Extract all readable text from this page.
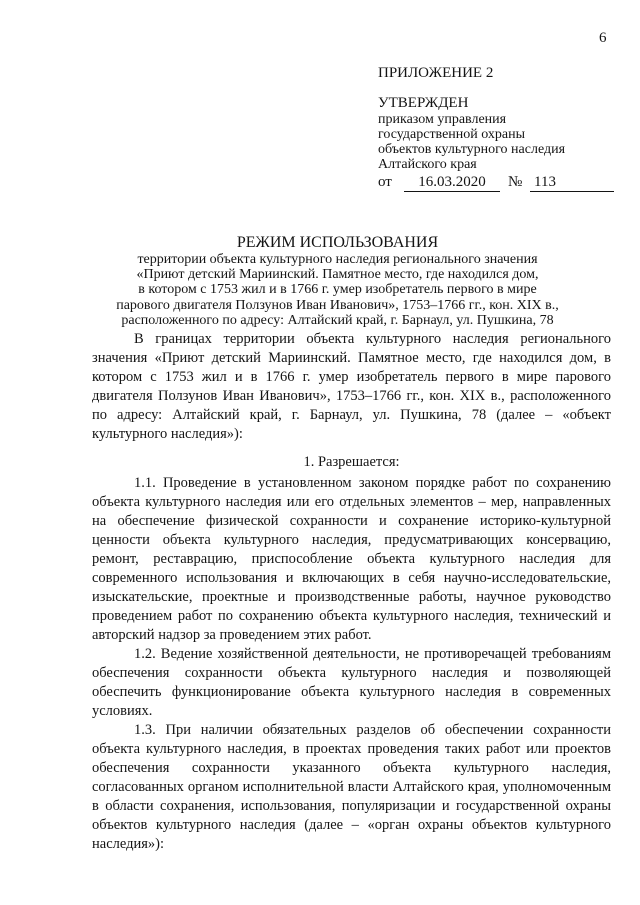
6
ПРИЛОЖЕНИЕ 2
УТВЕРЖДЕН
приказом управления
государственной охраны
объектов культурного наследия
Алтайского края
от	16.03.2020	№ 113
РЕЖИМ ИСПОЛЬЗОВАНИЯ
территории объекта культурного наследия регионального значения
«Приют детский Мариинский. Памятное место, где находился дом,
в котором с 1753 жил и в 1766 г. умер изобретатель первого в мире
парового двигателя Ползунов Иван Иванович», 1753–1766 гг., кон. XIX в.,
расположенного по адресу: Алтайский край, г. Барнаул, ул. Пушкина, 78

В границах территории объекта культурного наследия регионального значения «Приют детский Мариинский. Памятное место, где находился дом, в котором с 1753 жил и в 1766 г. умер изобретатель первого в мире парового двигателя Ползунов Иван Иванович», 1753–1766 гг., кон. XIX в., расположенного по адресу: Алтайский край, г. Барнаул, ул. Пушкина, 78 (далее – «объект культурного наследия»):

1. Разрешается:

1.1. Проведение в установленном законом порядке работ по сохранению объекта культурного наследия или его отдельных элементов – мер, направленных на обеспечение физической сохранности и сохранение историко-культурной ценности объекта культурного наследия, предусматривающих консервацию, ремонт, реставрацию, приспособление объекта культурного наследия для современного использования и включающих в себя научно-исследовательские, изыскательские, проектные и производственные работы, научное руководство проведением работ по сохранению объекта культурного наследия, технический и авторский надзор за проведением этих работ.

1.2. Ведение хозяйственной деятельности, не противоречащей требованиям обеспечения сохранности объекта культурного наследия и позволяющей обеспечить функционирование объекта культурного наследия в современных условиях.

1.3. При наличии обязательных разделов об обеспечении сохранности объекта культурного наследия, в проектах проведения таких работ или проектов обеспечения сохранности указанного объекта культурного наследия, согласованных органом исполнительной власти Алтайского края, уполномоченным в области сохранения, использования, популяризации и государственной охраны объектов культурного наследия (далее – «орган охраны объектов культурного наследия»):
